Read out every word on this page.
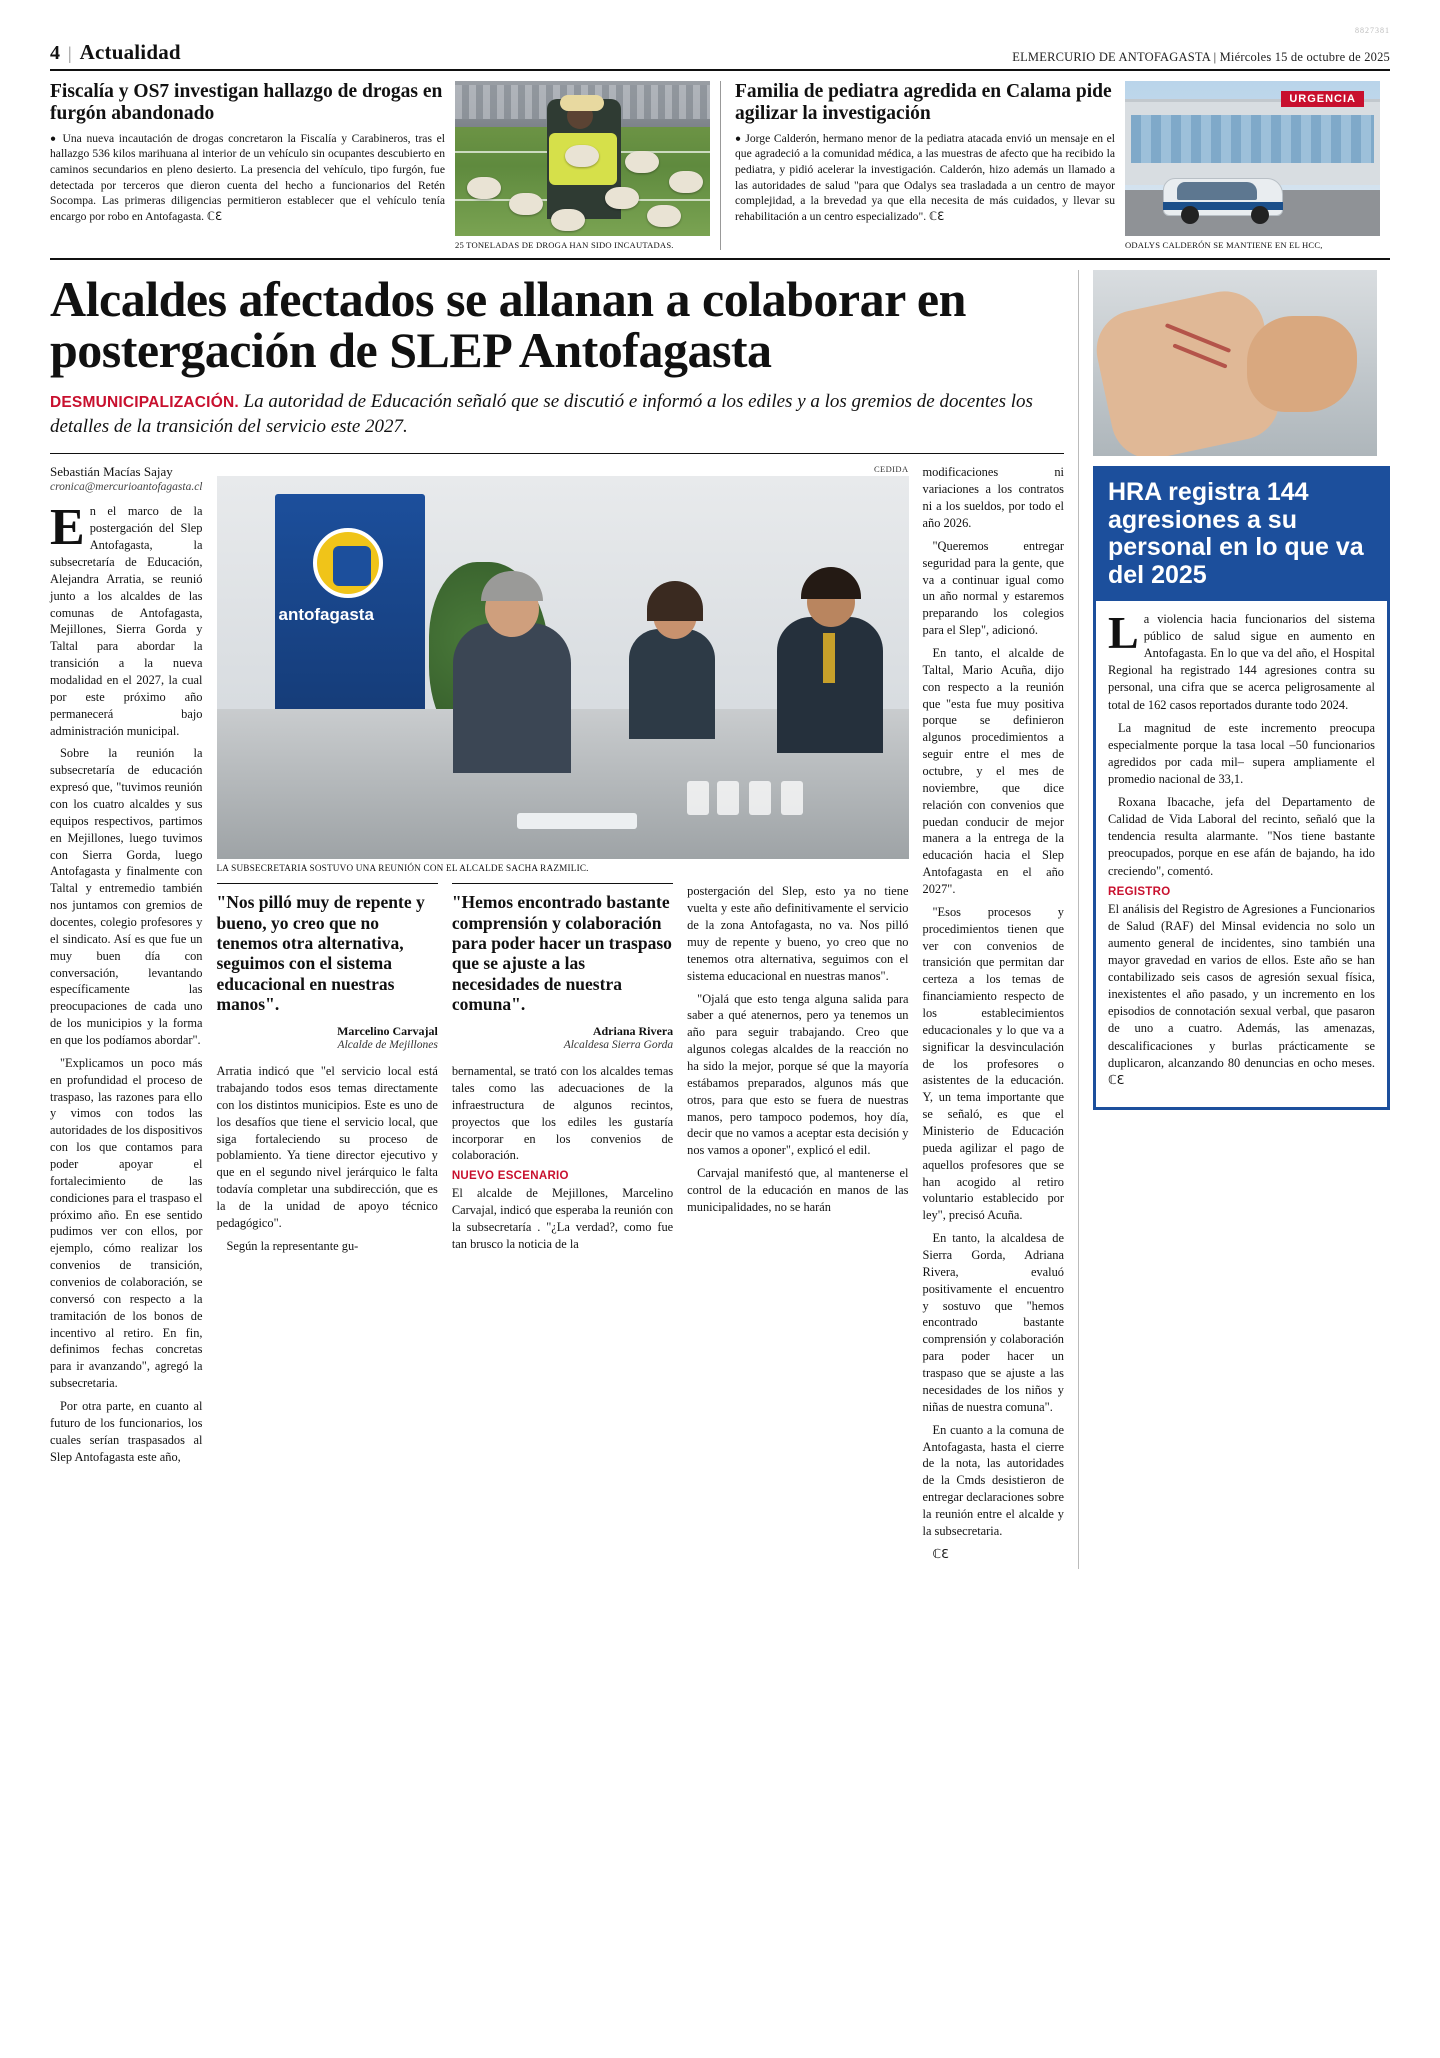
8827381
4 | Actualidad	ELMERCURIO DE ANTOFAGASTA | Miércoles 15 de octubre de 2025
Fiscalía y OS7 investigan hallazgo de drogas en furgón abandonado
● Una nueva incautación de drogas concretaron la Fiscalía y Carabineros, tras el hallazgo 536 kilos marihuana al interior de un vehículo sin ocupantes descubierto en caminos secundarios en pleno desierto. La presencia del vehículo, tipo furgón, fue detectada por terceros que dieron cuenta del hecho a funcionarios del Retén Socompa. Las primeras diligencias permitieron establecer que el vehículo tenía encargo por robo en Antofagasta. ℂℇ
25 TONELADAS DE DROGA HAN SIDO INCAUTADAS.
Familia de pediatra agredida en Calama pide agilizar la investigación
● Jorge Calderón, hermano menor de la pediatra atacada envió un mensaje en el que agradeció a la comunidad médica, a las muestras de afecto que ha recibido la pediatra, y pidió acelerar la investigación. Calderón, hizo además un llamado a las autoridades de salud "para que Odalys sea trasladada a un centro de mayor complejidad, a la brevedad ya que ella necesita de más cuidados, y llevar su rehabilitación a un centro especializado". ℂℇ
URGENCIA
ODALYS CALDERÓN SE MANTIENE EN EL HCC,
Alcaldes afectados se allanan a colaborar en postergación de SLEP Antofagasta
DESMUNICIPALIZACIÓN. La autoridad de Educación señaló que se discutió e informó a los ediles y a los gremios de docentes los detalles de la transición del servicio este 2027.
Sebastián Macías Sajay
cronica@mercurioantofagasta.cl

En el marco de la postergación del Slep Antofagasta, la subsecretaría de Educación, Alejandra Arratia, se reunió junto a los alcaldes de las comunas de Antofagasta, Mejillones, Sierra Gorda y Taltal para abordar la transición a la nueva modalidad en el 2027, la cual por este próximo año permanecerá bajo administración municipal.

Sobre la reunión la subsecretaría de educación expresó que, "tuvimos reunión con los cuatro alcaldes y sus equipos respectivos, partimos en Mejillones, luego tuvimos con Sierra Gorda, luego Antofagasta y finalmente con Taltal y entremedio también nos juntamos con gremios de docentes, colegio profesores y el sindicato. Así es que fue un muy buen día con conversación, levantando específicamente las preocupaciones de cada uno de los municipios y la forma en que los podíamos abordar".

"Explicamos un poco más en profundidad el proceso de traspaso, las razones para ello y vimos con todos las autoridades de los dispositivos con los que contamos para poder apoyar el fortalecimiento de las condiciones para el traspaso el próximo año. En ese sentido pudimos ver con ellos, por ejemplo, cómo realizar los convenios de transición, convenios de colaboración, se conversó con respecto a la tramitación de los bonos de incentivo al retiro. En fin, definimos fechas concretas para ir avanzando", agregó la subsecretaria.

Por otra parte, en cuanto al futuro de los funcionarios, los cuales serían traspasados al Slep Antofagasta este año,

CEDIDA
antofagasta
LA SUBSECRETARIA SOSTUVO UNA REUNIÓN CON EL ALCALDE SACHA RAZMILIC.
"Nos pilló muy de repente y bueno, yo creo que no tenemos otra alternativa, seguimos con el sistema educacional en nuestras manos".
Marcelino Carvajal
Alcalde de Mejillones

Arratia indicó que "el servicio local está trabajando todos esos temas directamente con los distintos municipios. Este es uno de los desafíos que tiene el servicio local, que siga fortaleciendo su proceso de poblamiento. Ya tiene director ejecutivo y que en el segundo nivel jerárquico le falta todavía completar una subdirección, que es la de la unidad de apoyo técnico pedagógico".

Según la representante gu-

"Hemos encontrado bastante comprensión y colaboración para poder hacer un traspaso que se ajuste a las necesidades de nuestra comuna".
Adriana Rivera
Alcaldesa Sierra Gorda

bernamental, se trató con los alcaldes temas tales como las adecuaciones de la infraestructura de algunos recintos, proyectos que los ediles les gustaría incorporar en los convenios de colaboración.

NUEVO ESCENARIO

El alcalde de Mejillones, Marcelino Carvajal, indicó que esperaba la reunión con la subsecretaría . "¿La verdad?, como fue tan brusco la noticia de la

postergación del Slep, esto ya no tiene vuelta y este año definitivamente el servicio de la zona Antofagasta, no va. Nos pilló muy de repente y bueno, yo creo que no tenemos otra alternativa, seguimos con el sistema educacional en nuestras manos".

"Ojalá que esto tenga alguna salida para saber a qué atenernos, pero ya tenemos un año para seguir trabajando. Creo que algunos colegas alcaldes de la reacción no ha sido la mejor, porque sé que la mayoría estábamos preparados, algunos más que otros, para que esto se fuera de nuestras manos, pero tampoco podemos, hoy día, decir que no vamos a aceptar esta decisión y nos vamos a oponer", explicó el edil.

Carvajal manifestó que, al mantenerse el control de la educación en manos de las municipalidades, no se harán

modificaciones ni variaciones a los contratos ni a los sueldos, por todo el año 2026.

"Queremos entregar seguridad para la gente, que va a continuar igual como un año normal y estaremos preparando los colegios para el Slep", adicionó.

En tanto, el alcalde de Taltal, Mario Acuña, dijo con respecto a la reunión que "esta fue muy positiva porque se definieron algunos procedimientos a seguir entre el mes de octubre, y el mes de noviembre, que dice relación con convenios que puedan conducir de mejor manera a la entrega de la educación hacia el Slep Antofagasta en el año 2027".

"Esos procesos y procedimientos tienen que ver con convenios de transición que permitan dar certeza a los temas de financiamiento respecto de los establecimientos educacionales y lo que va a significar la desvinculación de los profesores o asistentes de la educación. Y, un tema importante que se señaló, es que el Ministerio de Educación pueda agilizar el pago de aquellos profesores que se han acogido al retiro voluntario establecido por ley", precisó Acuña.

En tanto, la alcaldesa de Sierra Gorda, Adriana Rivera, evaluó positivamente el encuentro y sostuvo que "hemos encontrado bastante comprensión y colaboración para poder hacer un traspaso que se ajuste a las necesidades de los niños y niñas de nuestra comuna".

En cuanto a la comuna de Antofagasta, hasta el cierre de la nota, las autoridades de la Cmds desistieron de entregar declaraciones sobre la reunión entre el alcalde y la subsecretaria.

ℂℇ

HRA registra 144 agresiones a su personal en lo que va del 2025

La violencia hacia funcionarios del sistema público de salud sigue en aumento en Antofagasta. En lo que va del año, el Hospital Regional ha registrado 144 agresiones contra su personal, una cifra que se acerca peligrosamente al total de 162 casos reportados durante todo 2024.

La magnitud de este incremento preocupa especialmente porque la tasa local –50 funcionarios agredidos por cada mil– supera ampliamente el promedio nacional de 33,1.

Roxana Ibacache, jefa del Departamento de Calidad de Vida Laboral del recinto, señaló que la tendencia resulta alarmante. "Nos tiene bastante preocupados, porque en ese afán de bajando, ha ido creciendo", comentó.

REGISTRO

El análisis del Registro de Agresiones a Funcionarios de Salud (RAF) del Minsal evidencia no solo un aumento general de incidentes, sino también una mayor gravedad en varios de ellos. Este año se han contabilizado seis casos de agresión sexual física, inexistentes el año pasado, y un incremento en los episodios de connotación sexual verbal, que pasaron de uno a cuatro. Además, las amenazas, descalificaciones y burlas prácticamente se duplicaron, alcanzando 80 denuncias en ocho meses. ℂℇ
